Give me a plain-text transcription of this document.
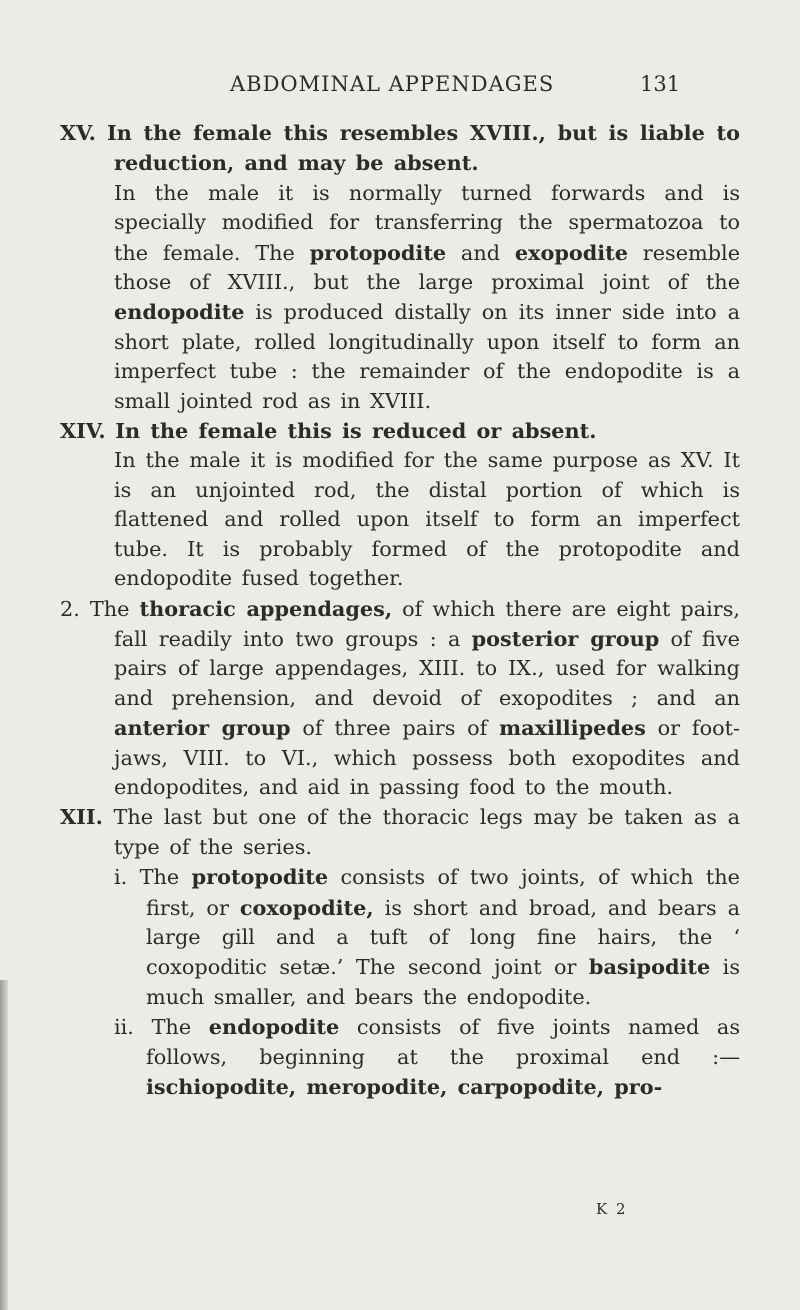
ABDOMINAL APPENDAGES	131

XV. In the female this resembles XVIII., but is liable to reduction, and may be absent.

In the male it is normally turned forwards and is specially modified for transferring the spermatozoa to the female. The protopodite and exopodite resemble those of XVIII., but the large proximal joint of the endopodite is produced distally on its inner side into a short plate, rolled longitudinally upon itself to form an imperfect tube : the remainder of the endopodite is a small jointed rod as in XVIII.

XIV. In the female this is reduced or absent.

In the male it is modified for the same purpose as XV. It is an unjointed rod, the distal portion of which is flattened and rolled upon itself to form an imperfect tube. It is probably formed of the protopodite and endopodite fused together.

2. The thoracic appendages, of which there are eight pairs, fall readily into two groups : a posterior group of five pairs of large appendages, XIII. to IX., used for walking and prehension, and devoid of exopodites ; and an anterior group of three pairs of maxillipedes or foot-jaws, VIII. to VI., which possess both exopodites and endopodites, and aid in passing food to the mouth.

XII. The last but one of the thoracic legs may be taken as a type of the series.

i. The protopodite consists of two joints, of which the first, or coxopodite, is short and broad, and bears a large gill and a tuft of long fine hairs, the ‘ coxopoditic setæ.’ The second joint or basipodite is much smaller, and bears the endopodite.

ii. The endopodite consists of five joints named as follows, beginning at the proximal end :— ischiopodite, meropodite, carpopodite, pro-

K 2
